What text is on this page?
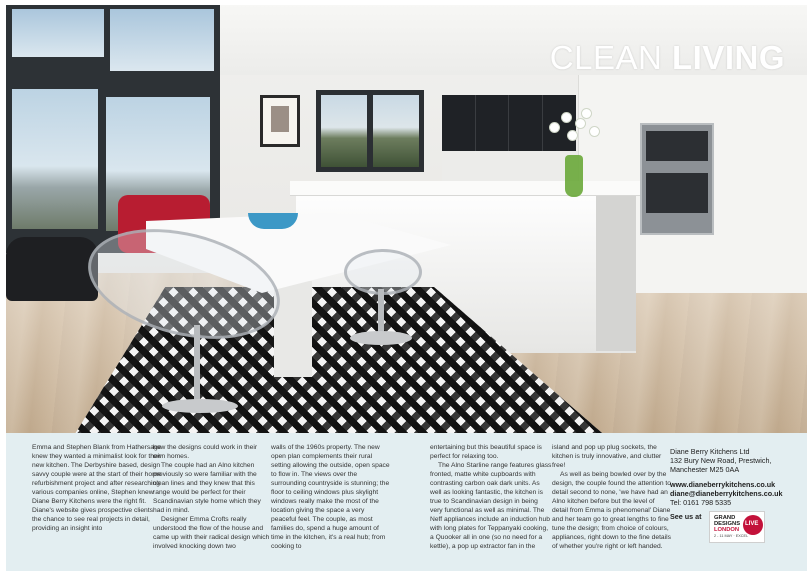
CLEAN LIVING

Emma and Stephen Blank from Hathersage knew they wanted a minimalist look for their new kitchen. The Derbyshire based, design savvy couple were at the start of their home refurbishment project and after researching various companies online, Stephen knew Diane Berry Kitchens were the right fit. Diane's website gives prospective clients the chance to see real projects in detail, providing an insight into

how the designs could work in their own homes.

The couple had an Alno kitchen previously so were familiar with the clean lines and they knew that this range would be perfect for their Scandinavian style home which they had in mind.

Designer Emma Crofts really understood the flow of the house and came up with their radical design which involved knocking down two

walls of the 1960s property. The new open plan complements their rural setting allowing the outside, open space to flow in. The views over the surrounding countryside is stunning; the floor to ceiling windows plus skylight windows really make the most of the location giving the space a very peaceful feel. The couple, as most families do, spend a huge amount of time in the kitchen, it's a real hub; from cooking to

entertaining but this beautiful space is perfect for relaxing too.

The Alno Starline range features glass fronted, matte white cupboards with contrasting carbon oak dark units. As well as looking fantastic, the kitchen is true to Scandinavian design in being very functional as well as minimal. The Neff appliances include an induction hub with long plates for Teppanyaki cooking, a Quooker all in one (so no need for a kettle), a pop up extractor fan in the

island and pop up plug sockets, the kitchen is truly innovative, and clutter free!

As well as being bowled over by the design, the couple found the attention to detail second to none, 'we have had an Alno kitchen before but the level of detail from Emma is phenomenal' Diane and her team go to great lengths to fine tune the design; from choice of colours, appliances, right down to the fine details of whether you're right or left handed.

Diane Berry Kitchens Ltd
132 Bury New Road, Prestwich,
Manchester M25 0AA
www.dianeberrykitchens.co.uk
diane@dianeberrykitchens.co.uk
Tel: 0161 798 5335
See us at GRAND
DESIGNS
LONDON
LIVE
2 - 11 MAY · EXCEL
